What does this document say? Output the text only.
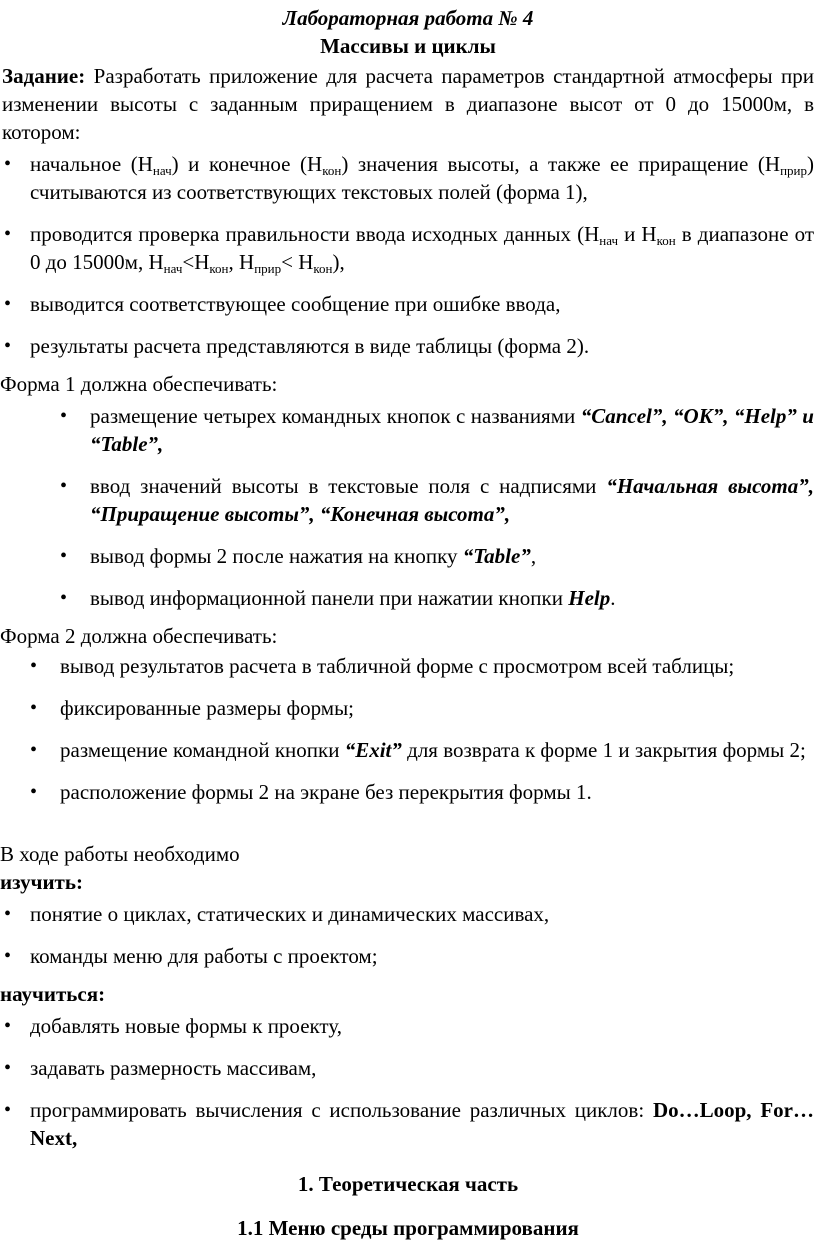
Лабораторная работа № 4
Массивы и циклы

Задание: Разработать приложение для расчета параметров стандартной атмосферы при изменении высоты с заданным приращением в диапазоне высот от 0 до 15000м, в котором:

• начальное $(H_{нач})$ и конечное $(H_{кон})$ значения высоты, а также ее приращение $(H_{прир})$ считываются из соответствующих текстовых полей (форма 1),
• проводится проверка правильности ввода исходных данных ($H_{нач}$ и $H_{кон}$ в диапазоне от 0 до 15000м, $H_{нач}<H_{кон}$, $H_{прир}< H_{кон}$),
• выводится соответствующее сообщение при ошибке ввода,
• результаты расчета представляются в виде таблицы (форма 2).

Форма 1 должна обеспечивать:

• размещение четырех командных кнопок с названиями “Cancel”, “OK”, “Help” и “Table”,
• ввод значений высоты в текстовые поля с надписями “Начальная высота”, “Приращение высоты”, “Конечная высота”,
• вывод формы 2 после нажатия на кнопку “Table”,
• вывод информационной панели при нажатии кнопки Help.

Форма 2 должна обеспечивать:

• вывод результатов расчета в табличной форме с просмотром всей таблицы;
• фиксированные размеры формы;
• размещение командной кнопки “Exit” для возврата к форме 1 и закрытия формы 2;
• расположение формы 2 на экране без перекрытия формы 1.

В ходе работы необходимо

изучить:

• понятие о циклах, статических и динамических массивах,
• команды меню для работы с проектом;

научиться:

• добавлять новые формы к проекту,
• задавать размерность массивам,
• программировать вычисления с использование различных циклов: Do…Loop, For… Next,
1. Теоретическая часть
1.1 Меню среды программирования
